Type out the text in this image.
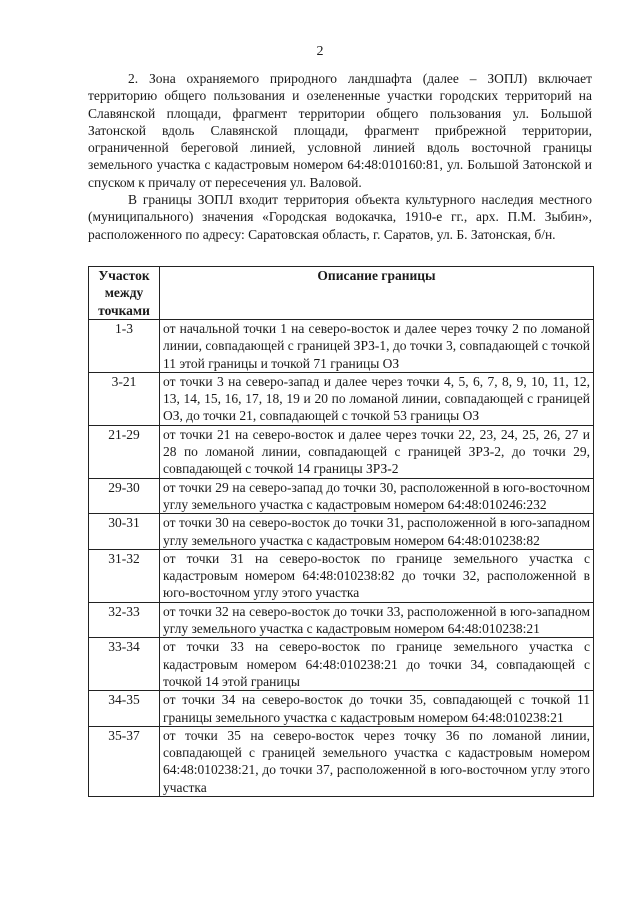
2

2. Зона охраняемого природного ландшафта (далее – ЗОПЛ) включает территорию общего пользования и озелененные участки городских территорий на Славянской площади, фрагмент территории общего пользования ул. Большой Затонской вдоль Славянской площади, фрагмент прибрежной территории, ограниченной береговой линией, условной линией вдоль восточной границы земельного участка с кадастровым номером 64:48:010160:81, ул. Большой Затонской и спуском к причалу от пересечения ул. Валовой.

В границы ЗОПЛ входит территория объекта культурного наследия местного (муниципального) значения «Городская водокачка, 1910-е гг., арх. П.М. Зыбин», расположенного по адресу: Саратовская область, г. Саратов, ул. Б. Затонская, б/н.

Участок между точками	Описание границы
1-3	от начальной точки 1 на северо-восток и далее через точку 2 по ломаной линии, совпадающей с границей ЗРЗ-1, до точки 3, совпадающей с точкой 11 этой границы и точкой 71 границы ОЗ
3-21	от точки 3 на северо-запад и далее через точки 4, 5, 6, 7, 8, 9, 10, 11, 12, 13, 14, 15, 16, 17, 18, 19 и 20 по ломаной линии, совпадающей с границей ОЗ, до точки 21, совпадающей с точкой 53 границы ОЗ
21-29	от точки 21 на северо-восток и далее через точки 22, 23, 24, 25, 26, 27 и 28 по ломаной линии, совпадающей с границей ЗРЗ-2, до точки 29, совпадающей с точкой 14 границы ЗРЗ-2
29-30	от точки 29 на северо-запад до точки 30, расположенной в юго-восточном углу земельного участка с кадастровым номером 64:48:010246:232
30-31	от точки 30 на северо-восток до точки 31, расположенной в юго-западном углу земельного участка с кадастровым номером 64:48:010238:82
31-32	от точки 31 на северо-восток по границе земельного участка с кадастровым номером 64:48:010238:82 до точки 32, расположенной в юго-восточном углу этого участка
32-33	от точки 32 на северо-восток до точки 33, расположенной в юго-западном углу земельного участка с кадастровым номером 64:48:010238:21
33-34	от точки 33 на северо-восток по границе земельного участка с кадастровым номером 64:48:010238:21 до точки 34, совпадающей с точкой 14 этой границы
34-35	от точки 34 на северо-восток до точки 35, совпадающей с точкой 11 границы земельного участка с кадастровым номером 64:48:010238:21
35-37	от точки 35 на северо-восток через точку 36 по ломаной линии, совпадающей с границей земельного участка с кадастровым номером 64:48:010238:21, до точки 37, расположенной в юго-восточном углу этого участка
